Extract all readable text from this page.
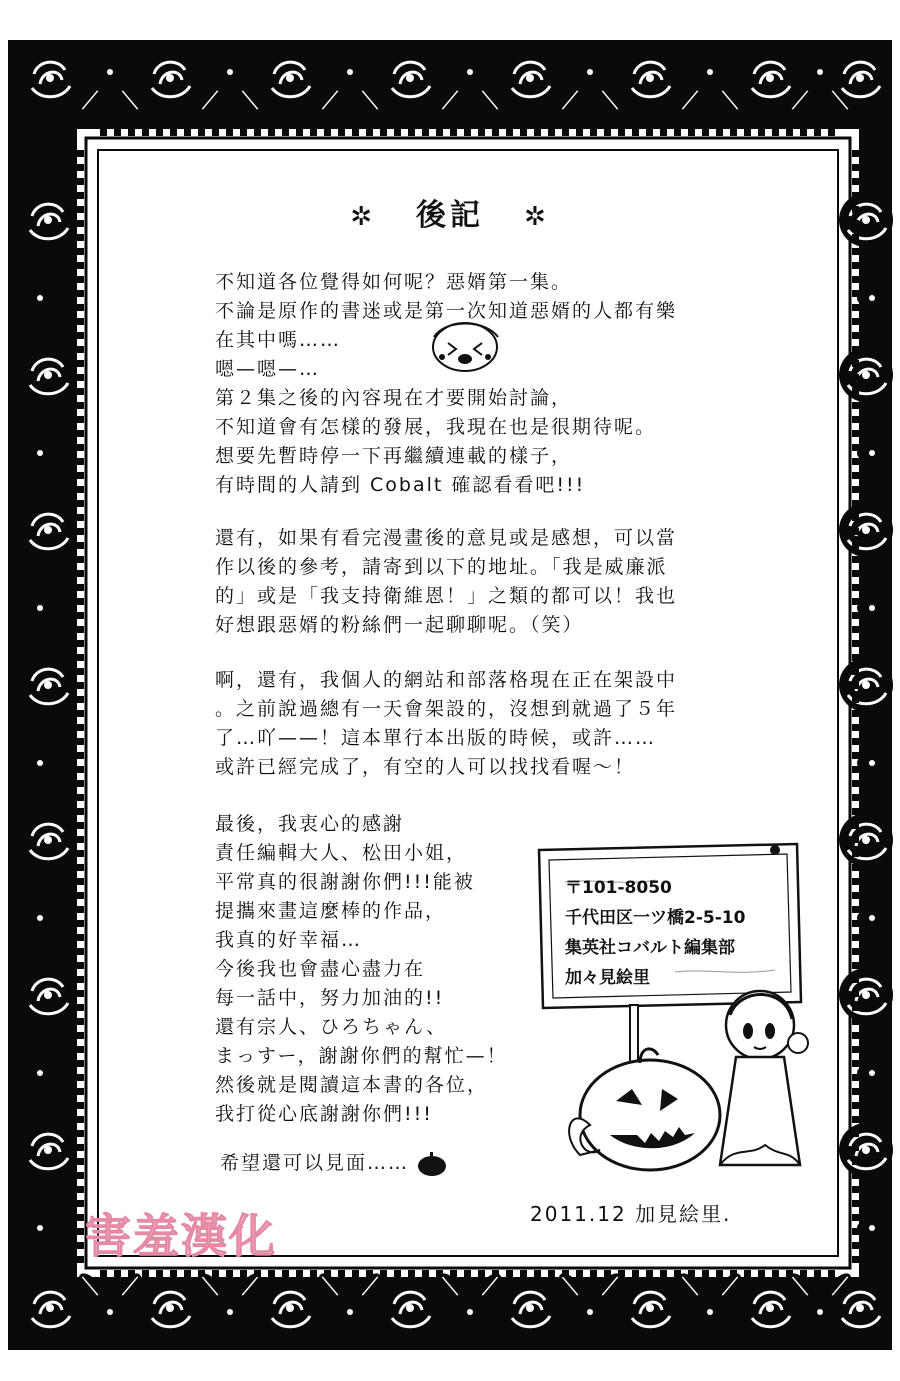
✲ 後記 ✲
不知道各位覺得如何呢？惡婿第一集。
不論是原作的書迷或是第一次知道惡婿的人都有樂
在其中嗎……
嗯—嗯—…
第２集之後的內容現在才要開始討論，
不知道會有怎樣的發展，我現在也是很期待呢。
想要先暫時停一下再繼續連載的樣子，
有時間的人請到 Cobalt 確認看看吧!!!
還有，如果有看完漫畫後的意見或是感想，可以當
作以後的參考，請寄到以下的地址。「我是威廉派
的」或是「我支持衛維恩！」之類的都可以！我也
好想跟惡婿的粉絲們一起聊聊呢。（笑）
啊，還有，我個人的網站和部落格現在正在架設中
。之前說過總有一天會架設的，沒想到就過了５年
了…吖——！這本單行本出版的時候，或許……
或許已經完成了，有空的人可以找找看喔～！
最後，我衷心的感謝
責任編輯大人、松田小姐，
平常真的很謝謝你們!!!能被
提攜來畫這麼棒的作品，
我真的好幸福…
今後我也會盡心盡力在
每一話中，努力加油的!!
還有宗人、ひろちゃん、
まっすー，謝謝你們的幫忙—！
然後就是閱讀這本書的各位，
我打從心底謝謝你們!!!
〒101-8050
千代田区一ツ橋2-5-10
集英社コバルト編集部
加々見絵里
希望還可以見面……
2011.12 加見絵里.
害羞漢化
